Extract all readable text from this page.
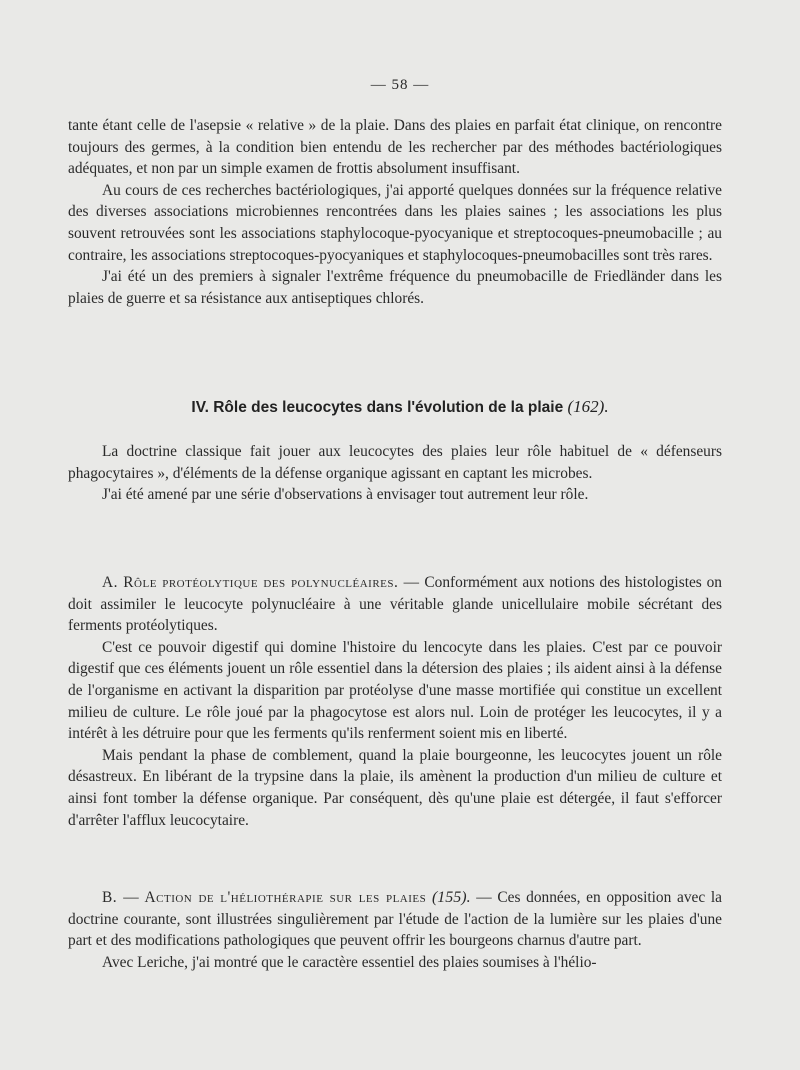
— 58 —

tante étant celle de l'asepsie « relative » de la plaie. Dans des plaies en parfait état clinique, on rencontre toujours des germes, à la condition bien entendu de les rechercher par des méthodes bactériologiques adéquates, et non par un simple examen de frottis absolument insuffisant.

Au cours de ces recherches bactériologiques, j'ai apporté quelques données sur la fréquence relative des diverses associations microbiennes rencontrées dans les plaies saines ; les associations les plus souvent retrouvées sont les associations staphylocoque-pyocyanique et streptocoques-pneumobacille ; au contraire, les associations streptocoques-pyocyaniques et staphylocoques-pneumobacilles sont très rares.

J'ai été un des premiers à signaler l'extrême fréquence du pneumobacille de Friedländer dans les plaies de guerre et sa résistance aux antiseptiques chlorés.

IV. Rôle des leucocytes dans l'évolution de la plaie (162).

La doctrine classique fait jouer aux leucocytes des plaies leur rôle habituel de « défenseurs phagocytaires », d'éléments de la défense organique agissant en captant les microbes.

J'ai été amené par une série d'observations à envisager tout autrement leur rôle.

A. Rôle protéolytique des polynucléaires. — Conformément aux notions des histologistes on doit assimiler le leucocyte polynucléaire à une véritable glande unicellulaire mobile sécrétant des ferments protéolytiques.

C'est ce pouvoir digestif qui domine l'histoire du lencocyte dans les plaies. C'est par ce pouvoir digestif que ces éléments jouent un rôle essentiel dans la détersion des plaies ; ils aident ainsi à la défense de l'organisme en activant la disparition par protéolyse d'une masse mortifiée qui constitue un excellent milieu de culture. Le rôle joué par la phagocytose est alors nul. Loin de protéger les leucocytes, il y a intérêt à les détruire pour que les ferments qu'ils renferment soient mis en liberté.

Mais pendant la phase de comblement, quand la plaie bourgeonne, les leucocytes jouent un rôle désastreux. En libérant de la trypsine dans la plaie, ils amènent la production d'un milieu de culture et ainsi font tomber la défense organique. Par conséquent, dès qu'une plaie est détergée, il faut s'efforcer d'arrêter l'afflux leucocytaire.

B. — Action de l'héliothérapie sur les plaies (155). — Ces données, en opposition avec la doctrine courante, sont illustrées singulièrement par l'étude de l'action de la lumière sur les plaies d'une part et des modifications pathologiques que peuvent offrir les bourgeons charnus d'autre part.

Avec Leriche, j'ai montré que le caractère essentiel des plaies soumises à l'hélio-
